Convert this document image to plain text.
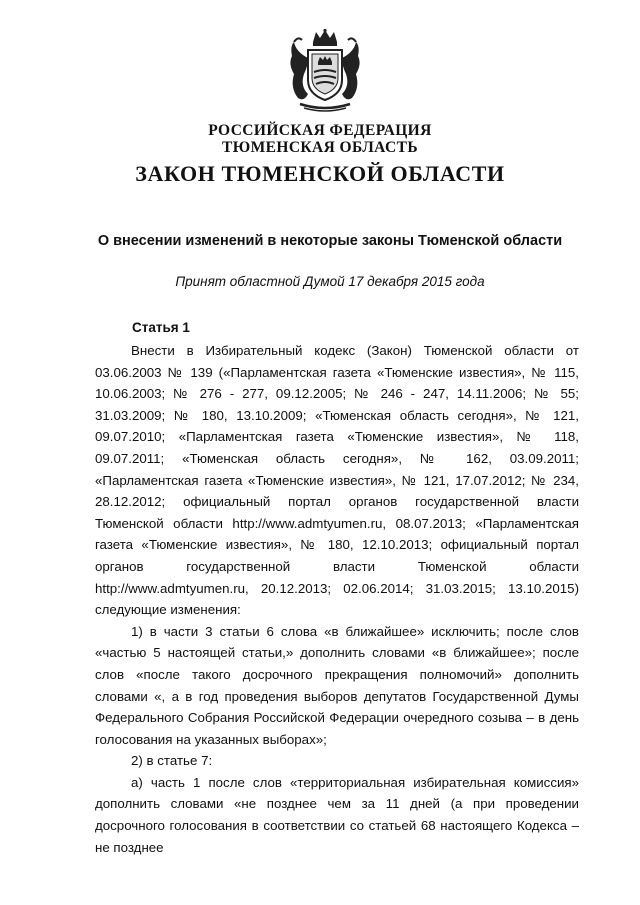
РОССИЙСКАЯ ФЕДЕРАЦИЯ
ТЮМЕНСКАЯ ОБЛАСТЬ
ЗАКОН ТЮМЕНСКОЙ ОБЛАСТИ
О внесении изменений в некоторые законы Тюменской области
Принят областной Думой 17 декабря 2015 года
Статья 1

Внести в Избирательный кодекс (Закон) Тюменской области от 03.06.2003 № 139 («Парламентская газета «Тюменские известия», № 115, 10.06.2003; № 276 - 277, 09.12.2005; № 246 - 247, 14.11.2006; № 55; 31.03.2009; № 180, 13.10.2009; «Тюменская область сегодня», № 121, 09.07.2010; «Парламентская газета «Тюменские известия», № 118, 09.07.2011; «Тюменская область сегодня», № 162, 03.09.2011; «Парламентская газета «Тюменские известия», № 121, 17.07.2012; № 234, 28.12.2012; официальный портал органов государственной власти Тюменской области http://www.admtyumen.ru, 08.07.2013; «Парламентская газета «Тюменские известия», № 180, 12.10.2013; официальный портал органов государственной власти Тюменской области http://www.admtyumen.ru, 20.12.2013; 02.06.2014; 31.03.2015; 13.10.2015) следующие изменения:

1) в части 3 статьи 6 слова «в ближайшее» исключить; после слов «частью 5 настоящей статьи,» дополнить словами «в ближайшее»; после слов «после такого досрочного прекращения полномочий» дополнить словами «, а в год проведения выборов депутатов Государственной Думы Федерального Собрания Российской Федерации очередного созыва – в день голосования на указанных выборах»;

2) в статье 7:

а) часть 1 после слов «территориальная избирательная комиссия» дополнить словами «не позднее чем за 11 дней (а при проведении досрочного голосования в соответствии со статьей 68 настоящего Кодекса – не позднее
